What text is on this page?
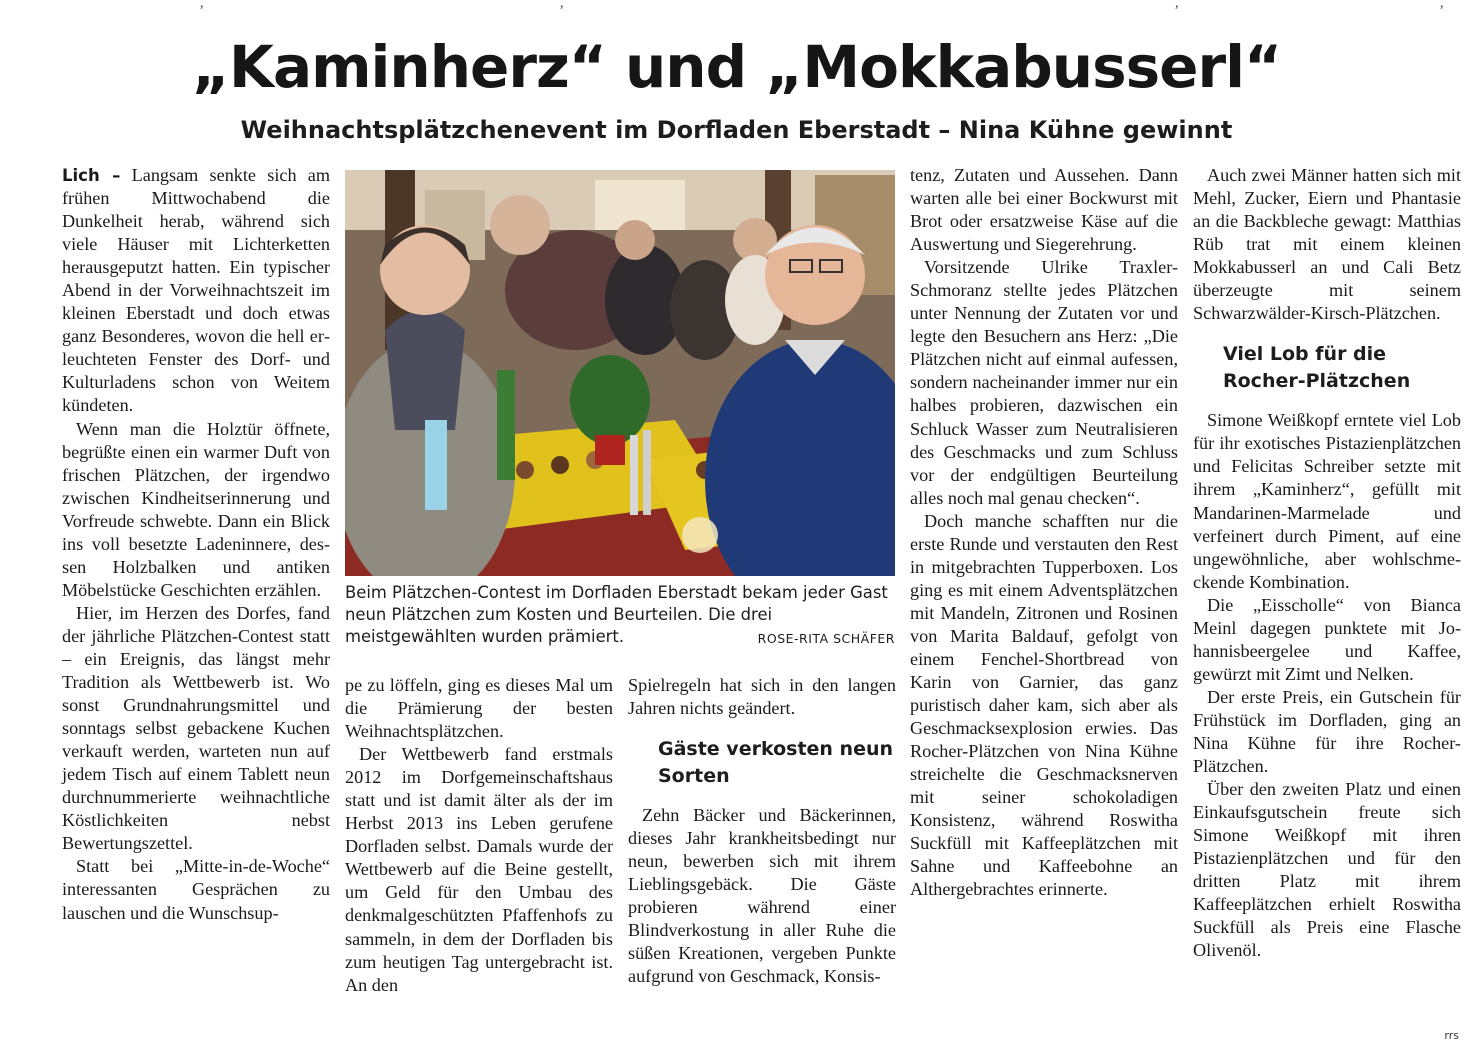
,	,	,	,
„Kaminherz“ und „Mokkabusserl“
Weihnachtsplätzchenevent im Dorfladen Eberstadt – Nina Kühne gewinnt

Lich – Langsam senkte sich am frühen Mittwochabend die Dunkelheit herab, während sich viele Häuser mit Lichterketten herausgeputzt hatten. Ein typischer Abend in der Vorweihnachtszeit im kleinen Eberstadt und doch etwas ganz Besonderes, wovon die hell erleuchteten Fenster des Dorf- und Kulturladens schon von Weitem kündeten.

Wenn man die Holztür öffnete, begrüßte einen ein warmer Duft von frischen Plätzchen, der irgendwo zwischen Kindheitserinnerung und Vorfreude schwebte. Dann ein Blick ins voll besetzte Ladeninnere, dessen Holzbalken und antiken Möbelstücke Geschichten erzählen.

Hier, im Herzen des Dorfes, fand der jährliche Plätzchen-Contest statt – ein Ereignis, das längst mehr Tradition als Wettbewerb ist. Wo sonst Grundnahrungsmittel und sonntags selbst gebackene Kuchen verkauft werden, warteten nun auf jedem Tisch auf einem Tablett neun durchnummerierte weihnachtliche Köstlichkeiten nebst Bewertungszettel.

Statt bei „Mitte-in-de-Woche“ interessanten Gesprächen zu lauschen und die Wunschsup-

Beim Plätzchen-Contest im Dorfladen Eberstadt bekam jeder Gast neun Plätzchen zum Kosten und Beurteilen. Die drei meistgewählten wurden prämiert.	ROSE-RITA SCHÄFER

pe zu löffeln, ging es dieses Mal um die Prämierung der besten Weihnachtsplätzchen.

Der Wettbewerb fand erstmals 2012 im Dorfgemeinschaftshaus statt und ist damit älter als der im Herbst 2013 ins Leben gerufene Dorfladen selbst. Damals wurde der Wettbewerb auf die Beine gestellt, um Geld für den Umbau des denkmalgeschützten Pfaffenhofs zu sammeln, in dem der Dorfladen bis zum heutigen Tag untergebracht ist. An den

Spielregeln hat sich in den langen Jahren nichts geändert.

Gäste verkosten neun Sorten

Zehn Bäcker und Bäckerinnen, dieses Jahr krankheitsbedingt nur neun, bewerben sich mit ihrem Lieblingsgebäck. Die Gäste probieren während einer Blindverkostung in aller Ruhe die süßen Kreationen, vergeben Punkte aufgrund von Geschmack, Konsis-

tenz, Zutaten und Aussehen. Dann warten alle bei einer Bockwurst mit Brot oder ersatzweise Käse auf die Auswertung und Siegerehrung.

Vorsitzende Ulrike Traxler-Schmoranz stellte jedes Plätzchen unter Nennung der Zutaten vor und legte den Besuchern ans Herz: „Die Plätzchen nicht auf einmal aufessen, sondern nacheinander immer nur ein halbes probieren, dazwischen ein Schluck Wasser zum Neutralisieren des Geschmacks und zum Schluss vor der endgültigen Beurteilung alles noch mal genau checken“.

Doch manche schafften nur die erste Runde und verstauten den Rest in mitgebrachten Tupperboxen. Los ging es mit einem Adventsplätzchen mit Mandeln, Zitronen und Rosinen von Marita Baldauf, gefolgt von einem Fenchel-Shortbread von Karin von Garnier, das ganz puristisch daher kam, sich aber als Geschmacksexplosion erwies. Das Rocher-Plätzchen von Nina Kühne streichelte die Geschmacksnerven mit seiner schokoladigen Konsistenz, während Roswitha Suckfüll mit Kaffeeplätzchen mit Sahne und Kaffeebohne an Althergebrachtes erinnerte.

Auch zwei Männer hatten sich mit Mehl, Zucker, Eiern und Phantasie an die Backbleche gewagt: Matthias Rüb trat mit einem kleinen Mokkabusserl an und Cali Betz überzeugte mit seinem Schwarzwälder-Kirsch-Plätzchen.

Viel Lob für die Rocher-Plätzchen

Simone Weißkopf erntete viel Lob für ihr exotisches Pistazienplätzchen und Felicitas Schreiber setzte mit ihrem „Kaminherz“, gefüllt mit Mandarinen-Marmelade und verfeinert durch Piment, auf eine ungewöhnliche, aber wohlschmeckende Kombination.

Die „Eisscholle“ von Bianca Meinl dagegen punktete mit Johannisbeergelee und Kaffee, gewürzt mit Zimt und Nelken.

Der erste Preis, ein Gutschein für Frühstück im Dorfladen, ging an Nina Kühne für ihre Rocher-Plätzchen.

Über den zweiten Platz und einen Einkaufsgutschein freute sich Simone Weißkopf mit ihren Pistazienplätzchen und für den dritten Platz mit ihrem Kaffeeplätzchen erhielt Roswitha Suckfüll als Preis eine Flasche Olivenöl.

rrs
